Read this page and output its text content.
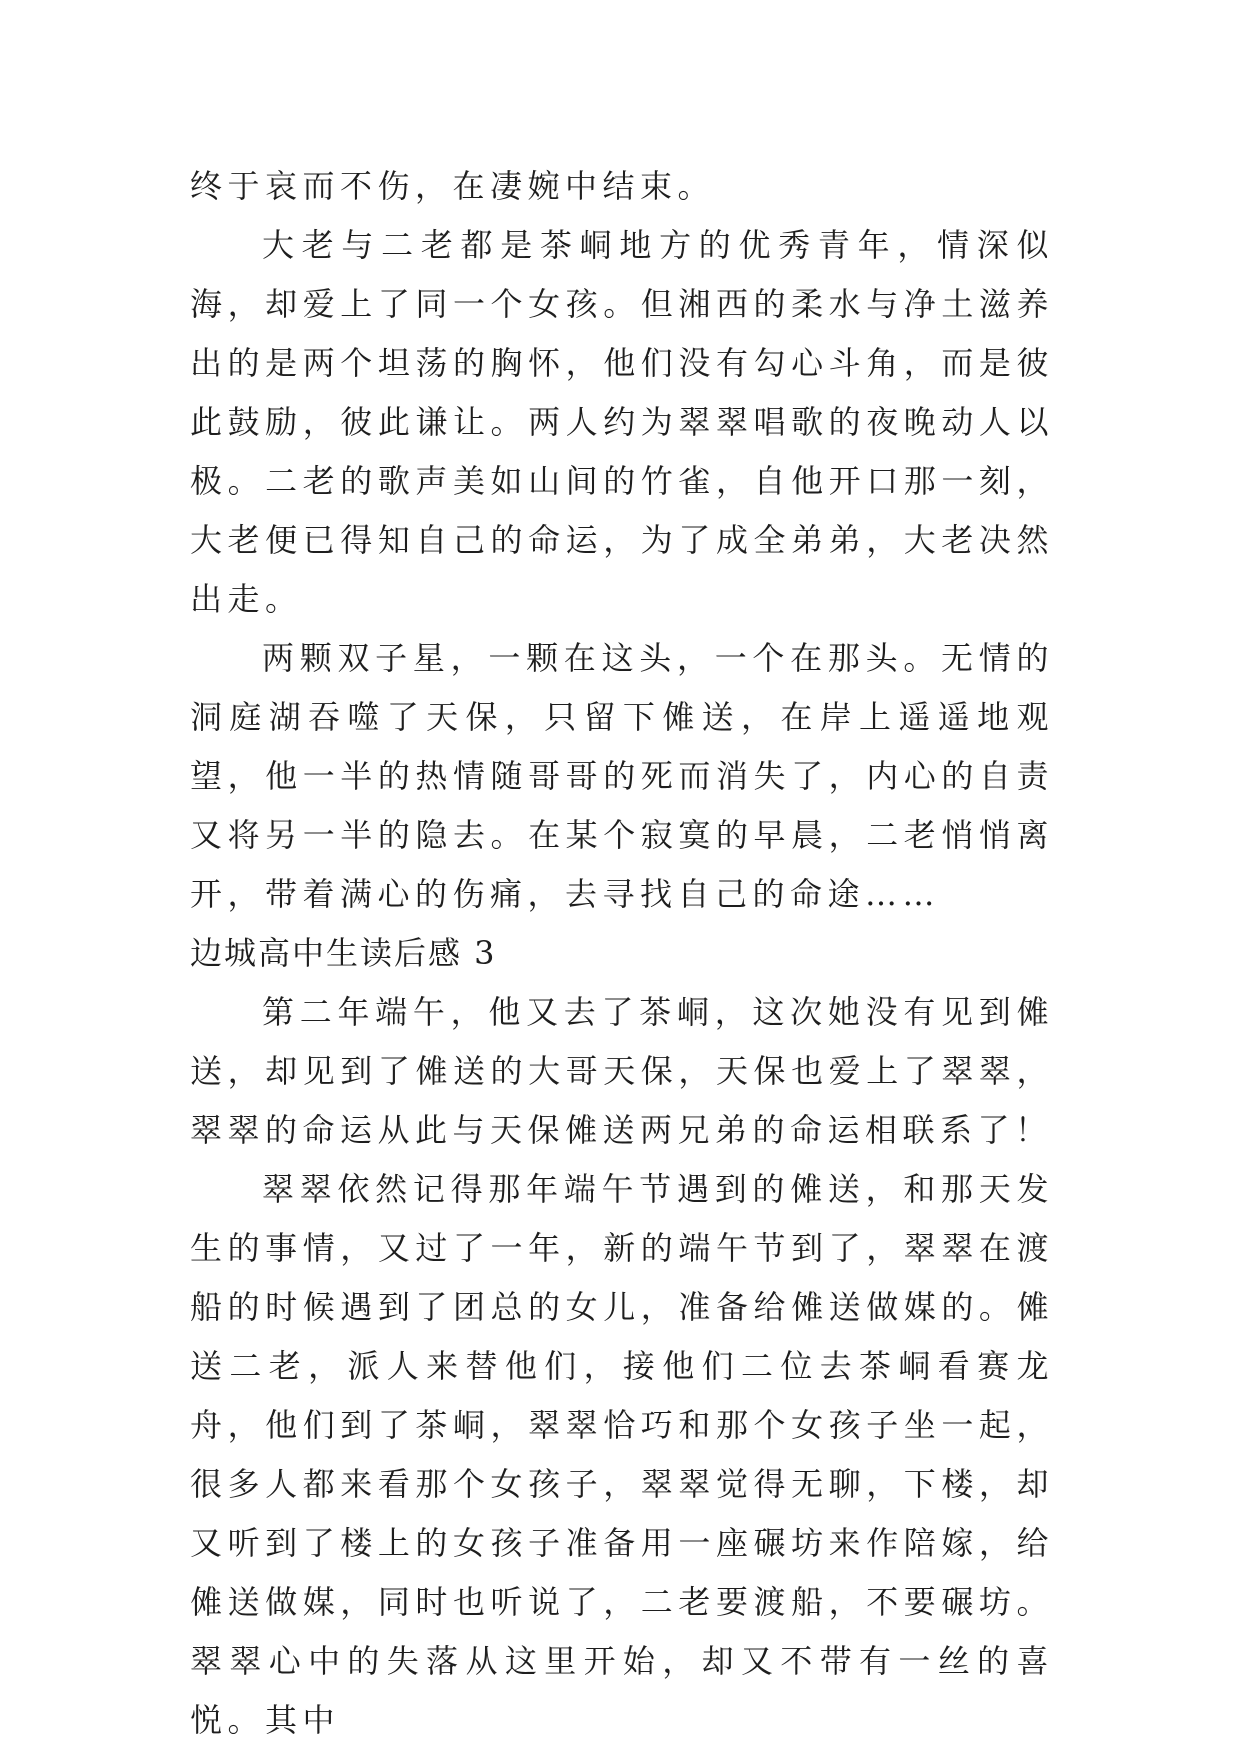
终于哀而不伤，在凄婉中结束。

大老与二老都是茶峒地方的优秀青年，情深似海，却爱上了同一个女孩。但湘西的柔水与净土滋养出的是两个坦荡的胸怀，他们没有勾心斗角，而是彼此鼓励，彼此谦让。两人约为翠翠唱歌的夜晚动人以极。二老的歌声美如山间的竹雀，自他开口那一刻，大老便已得知自己的命运，为了成全弟弟，大老决然出走。

两颗双子星，一颗在这头，一个在那头。无情的洞庭湖吞噬了天保，只留下傩送，在岸上遥遥地观望，他一半的热情随哥哥的死而消失了，内心的自责又将另一半的隐去。在某个寂寞的早晨，二老悄悄离开，带着满心的伤痛，去寻找自己的命途……

边城高中生读后感 3

第二年端午，他又去了茶峒，这次她没有见到傩送，却见到了傩送的大哥天保，天保也爱上了翠翠，翠翠的命运从此与天保傩送两兄弟的命运相联系了！

翠翠依然记得那年端午节遇到的傩送，和那天发生的事情，又过了一年，新的端午节到了，翠翠在渡船的时候遇到了团总的女儿，准备给傩送做媒的。傩送二老，派人来替他们，接他们二位去茶峒看赛龙舟，他们到了茶峒，翠翠恰巧和那个女孩子坐一起，很多人都来看那个女孩子，翠翠觉得无聊，下楼，却又听到了楼上的女孩子准备用一座碾坊来作陪嫁，给傩送做媒，同时也听说了，二老要渡船，不要碾坊。翠翠心中的失落从这里开始，却又不带有一丝的喜悦。其中
